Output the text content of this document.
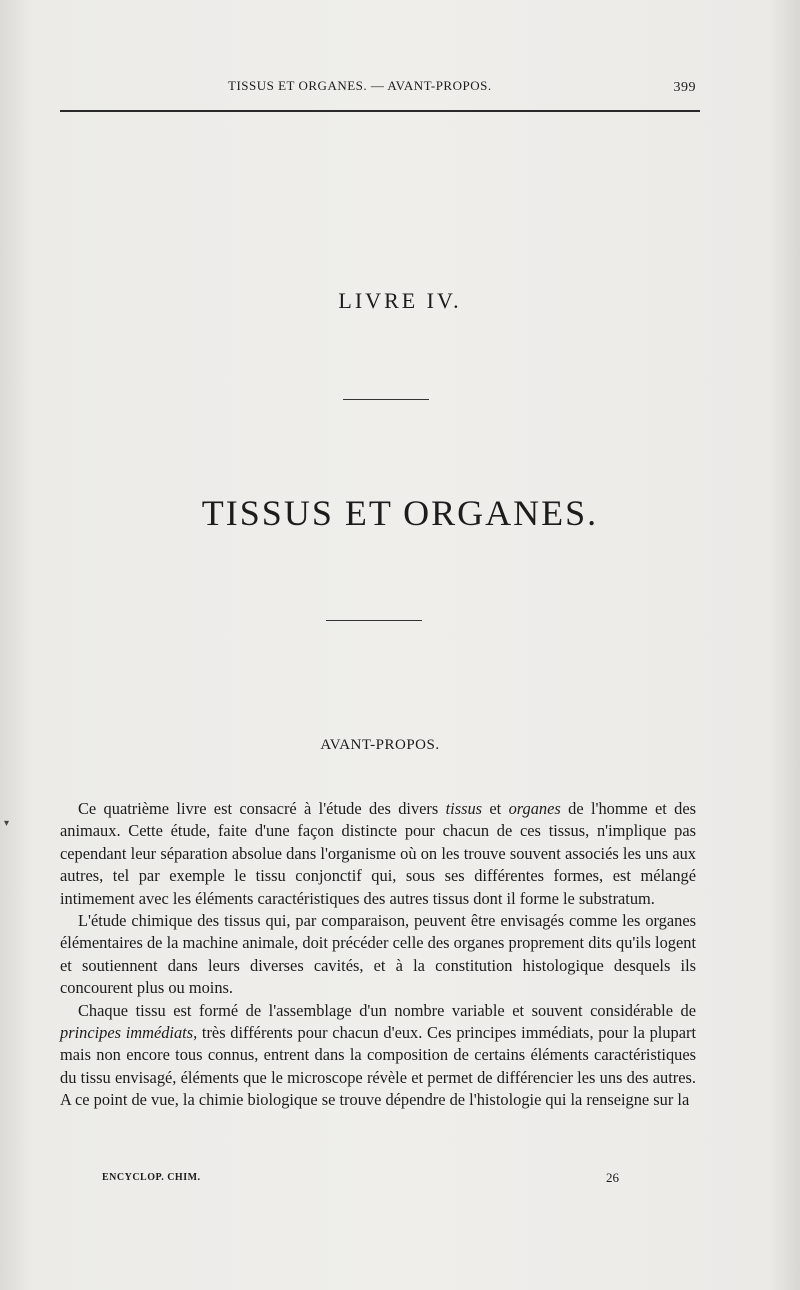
TISSUS ET ORGANES. — AVANT-PROPOS.	399
LIVRE IV.
TISSUS ET ORGANES.
AVANT-PROPOS.
▾

Ce quatrième livre est consacré à l'étude des divers tissus et organes de l'homme et des animaux. Cette étude, faite d'une façon distincte pour chacun de ces tissus, n'implique pas cependant leur séparation absolue dans l'organisme où on les trouve souvent associés les uns aux autres, tel par exemple le tissu conjonctif qui, sous ses différentes formes, est mélangé intimement avec les éléments caractéristiques des autres tissus dont il forme le substratum.

L'étude chimique des tissus qui, par comparaison, peuvent être envisagés comme les organes élémentaires de la machine animale, doit précéder celle des organes proprement dits qu'ils logent et soutiennent dans leurs diverses cavités, et à la constitution histologique desquels ils concourent plus ou moins.

Chaque tissu est formé de l'assemblage d'un nombre variable et souvent considérable de principes immédiats, très différents pour chacun d'eux. Ces principes immédiats, pour la plupart mais non encore tous connus, entrent dans la composition de certains éléments caractéristiques du tissu envisagé, éléments que le microscope révèle et permet de différencier les uns des autres. A ce point de vue, la chimie biologique se trouve dépendre de l'histologie qui la renseigne sur la

ENCYCLOP. CHIM.	26
